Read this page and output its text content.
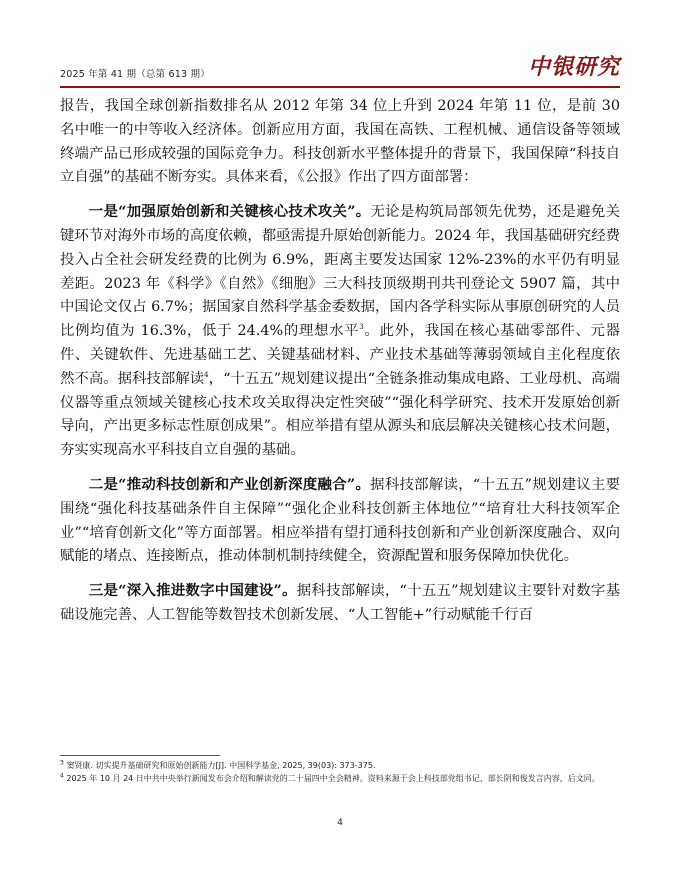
2025 年第 41 期（总第 613 期）	中银研究

报告，我国全球创新指数排名从 2012 年第 34 位上升到 2024 年第 11 位，是前 30 名中唯一的中等收入经济体。创新应用方面，我国在高铁、工程机械、通信设备等领域终端产品已形成较强的国际竞争力。科技创新水平整体提升的背景下，我国保障“科技自立自强”的基础不断夯实。具体来看，《公报》作出了四方面部署：

一是“加强原始创新和关键核心技术攻关”。无论是构筑局部领先优势，还是避免关键环节对海外市场的高度依赖，都亟需提升原始创新能力。2024 年，我国基础研究经费投入占全社会研发经费的比例为 6.9%，距离主要发达国家 12%-23%的水平仍有明显差距。2023 年《科学》《自然》《细胞》三大科技顶级期刊共刊登论文 5907 篇，其中中国论文仅占 6.7%；据国家自然科学基金委数据，国内各学科实际从事原创研究的人员比例均值为 16.3%，低于 24.4%的理想水平$^3$。此外，我国在核心基础零部件、元器件、关键软件、先进基础工艺、关键基础材料、产业技术基础等薄弱领域自主化程度依然不高。据科技部解读$^4$，“十五五”规划建议提出“全链条推动集成电路、工业母机、高端仪器等重点领域关键核心技术攻关取得决定性突破”“强化科学研究、技术开发原始创新导向，产出更多标志性原创成果”。相应举措有望从源头和底层解决关键核心技术问题，夯实实现高水平科技自立自强的基础。

二是“推动科技创新和产业创新深度融合”。据科技部解读，“十五五”规划建议主要围绕“强化科技基础条件自主保障”“强化企业科技创新主体地位”“培育壮大科技领军企业”“培育创新文化”等方面部署。相应举措有望打通科技创新和产业创新深度融合、双向赋能的堵点、连接断点，推动体制机制持续健全，资源配置和服务保障加快优化。

三是“深入推进数字中国建设”。据科技部解读，“十五五”规划建议主要针对数字基础设施完善、人工智能等数智技术创新发展、“人工智能+”行动赋能千行百

$^3$ 窦贤康. 切实提升基础研究和原始创新能力[J]. 中国科学基金, 2025, 39(03): 373-375.
$^4$ 2025 年 10 月 24 日中共中央举行新闻发布会介绍和解读党的二十届四中全会精神。资料来源于会上科技部党组书记、部长阴和俊发言内容，后文同。
4
